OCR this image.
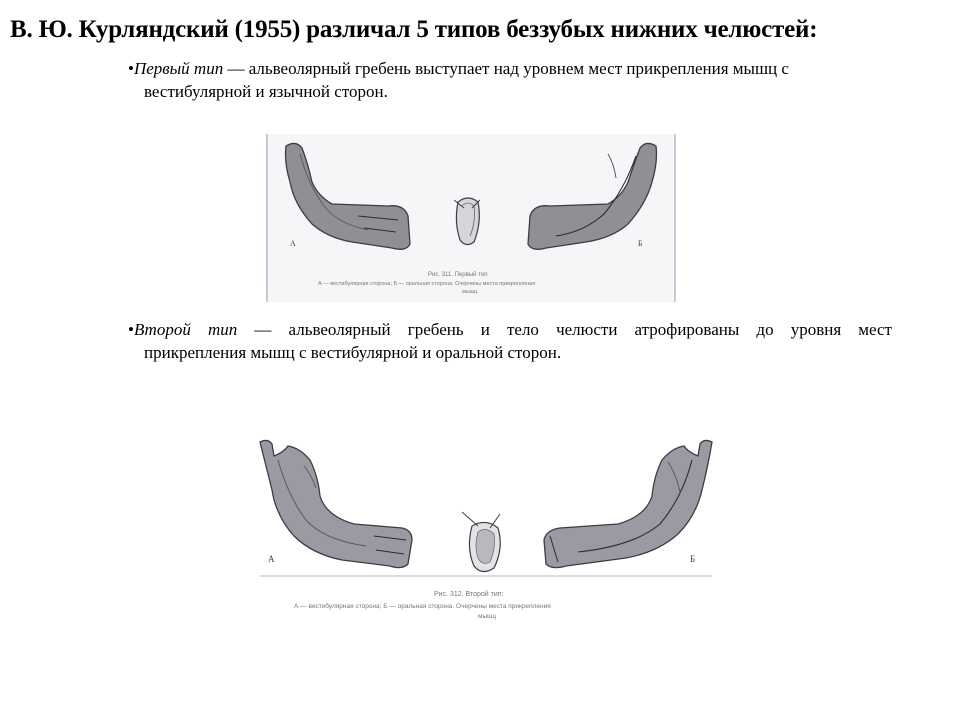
В. Ю. Курляндский (1955) различал 5 типов беззубых нижних челюстей:
•Первый тип — альвеолярный гребень выступает над уровнем мест прикрепления мышц с
вестибулярной и язычной сторон.
А	Б
Рис. 311. Первый тип
А — вестибулярная сторона; Б — оральная сторона. Очерчены места прикрепления
мышц
•Второй тип — альвеолярный гребень и тело челюсти атрофированы до уровня мест
прикрепления мышц с вестибулярной и оральной сторон.
А	Б
Рис. 312. Второй тип:
А — вестибулярная сторона; Б — оральная сторона. Очерчены места прикрепления
мышц
